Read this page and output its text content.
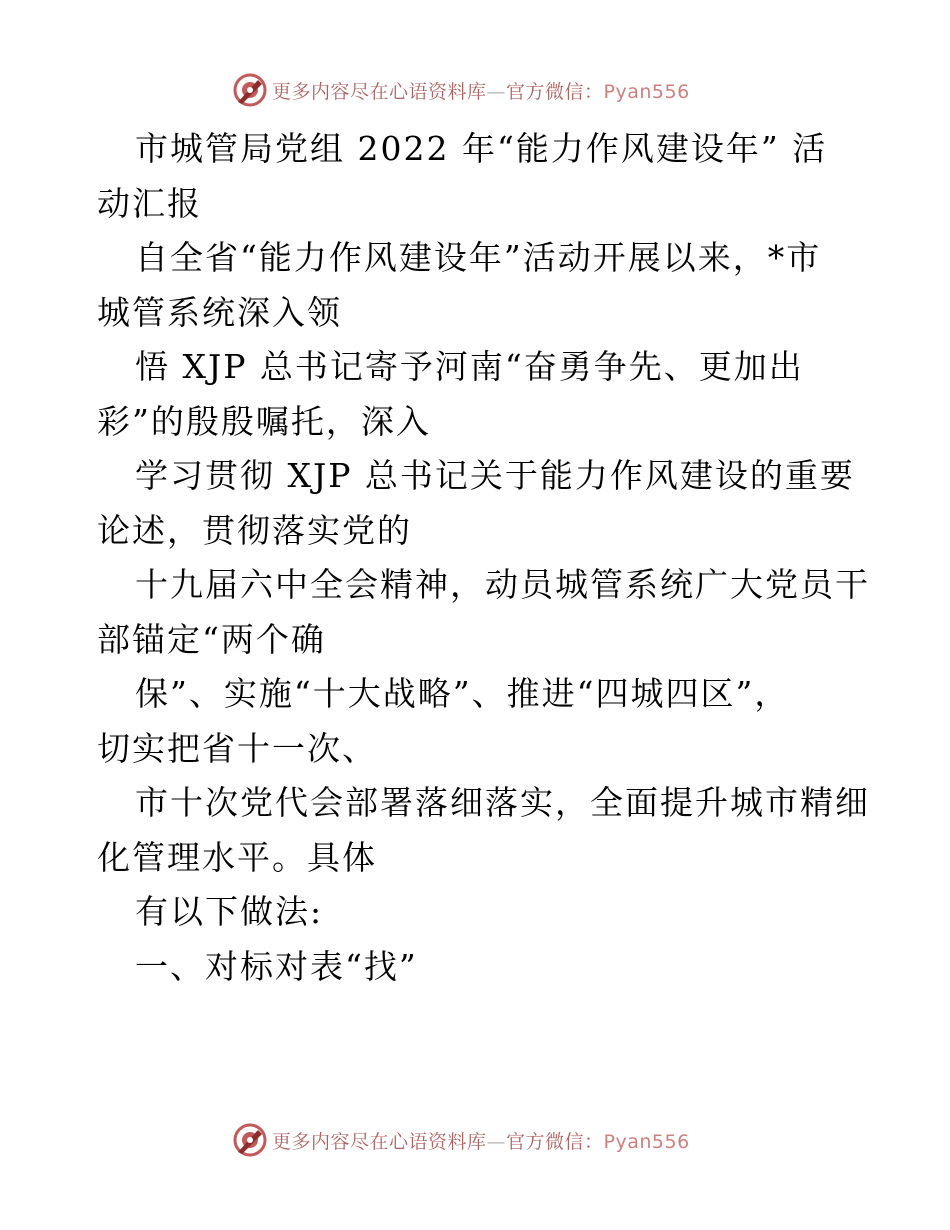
更多内容尽在心语资料库—官方微信：Pyan556

市城管局党组 2022 年“能力作风建设年” 活

动汇报

自全省“能力作风建设年”活动开展以来，*市

城管系统深入领

悟 XJP 总书记寄予河南“奋勇争先、更加出

彩”的殷殷嘱托，深入

学习贯彻 XJP 总书记关于能力作风建设的重要

论述，贯彻落实党的

十九届六中全会精神，动员城管系统广大党员干

部锚定“两个确

保”、实施“十大战略”、推进“四城四区”，

切实把省十一次、

市十次党代会部署落细落实，全面提升城市精细

化管理水平。具体

有以下做法:

一、对标对表“找”

更多内容尽在心语资料库—官方微信：Pyan556
